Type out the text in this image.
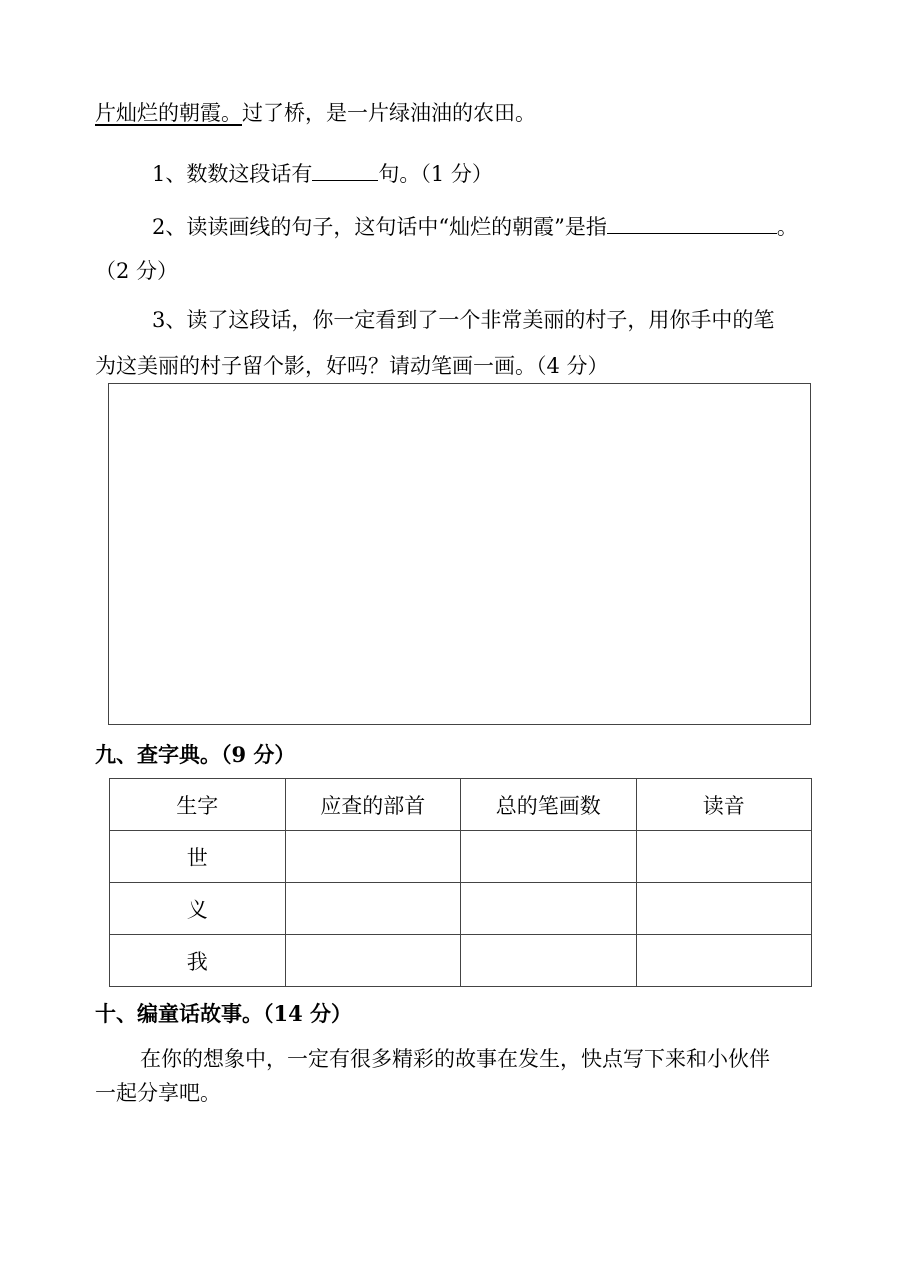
片灿烂的朝霞。过了桥，是一片绿油油的农田。
1、数数这段话有	句。（1 分）
2、读读画线的句子，这句话中“灿烂的朝霞”是指	。
（2 分）
3、读了这段话，你一定看到了一个非常美丽的村子，用你手中的笔
为这美丽的村子留个影，好吗？请动笔画一画。（4 分）
九、查字典。（9 分）
生字	应查的部首	总的笔画数	读音
世			
义			
我			
十、编童话故事。（14 分）
在你的想象中，一定有很多精彩的故事在发生，快点写下来和小伙伴
一起分享吧。
